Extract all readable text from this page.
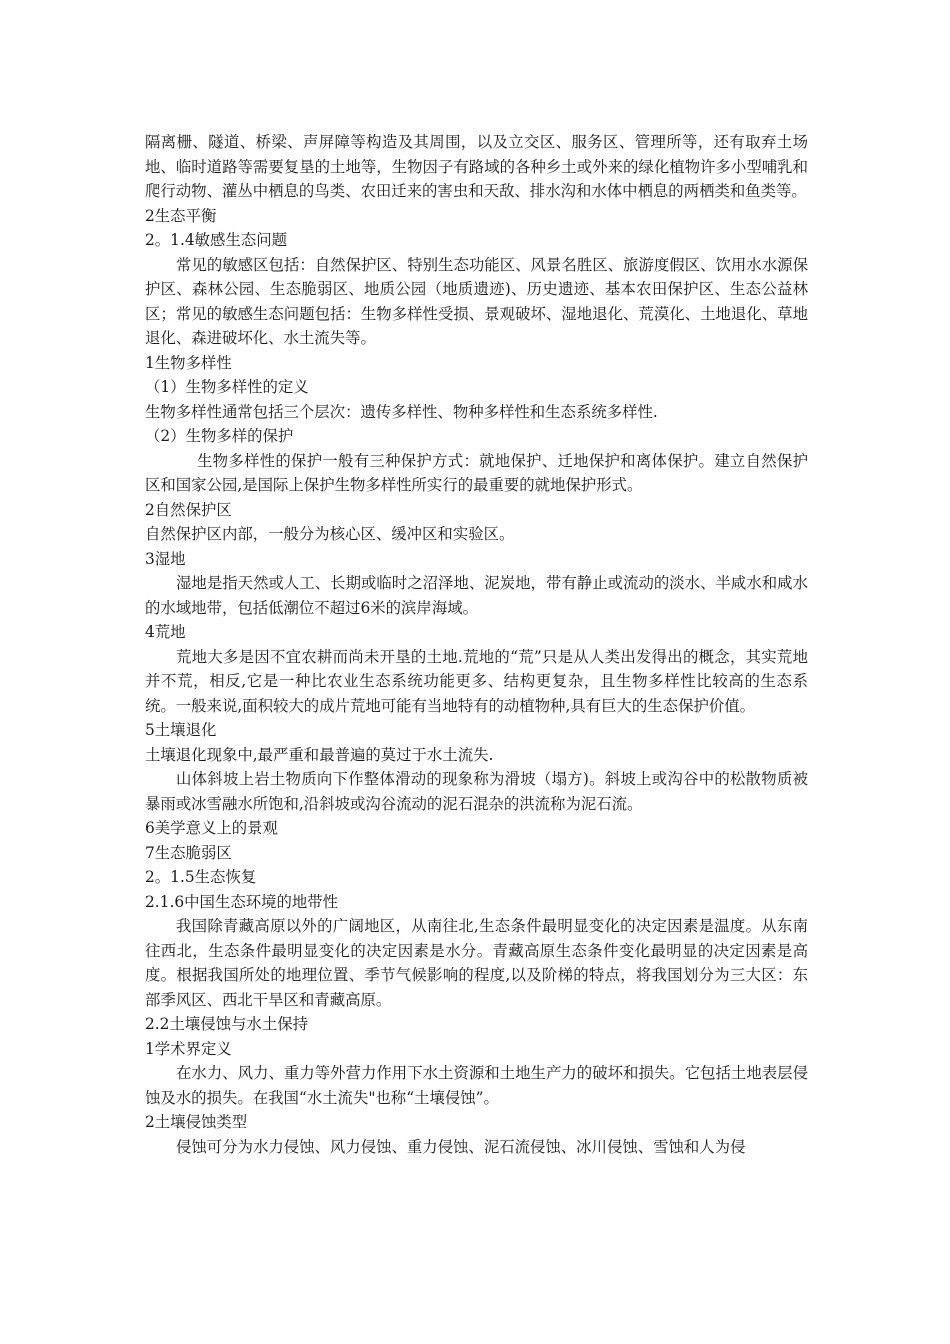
隔离栅、隧道、桥梁、声屏障等构造及其周围，以及立交区、服务区、管理所等，还有取弃土场地、临时道路等需要复垦的土地等，生物因子有路域的各种乡土或外来的绿化植物许多小型哺乳和爬行动物、灌丛中栖息的鸟类、农田迁来的害虫和天敌、排水沟和水体中栖息的两栖类和鱼类等。

2生态平衡

2。1.4敏感生态问题

常见的敏感区包括：自然保护区、特别生态功能区、风景名胜区、旅游度假区、饮用水水源保护区、森林公园、生态脆弱区、地质公园（地质遗迹)、历史遗迹、基本农田保护区、生态公益林区；常见的敏感生态问题包括：生物多样性受损、景观破坏、湿地退化、荒漠化、土地退化、草地退化、森进破坏化、水土流失等。

1生物多样性

（1）生物多样性的定义

生物多样性通常包括三个层次：遗传多样性、物种多样性和生态系统多样性.

（2）生物多样的保护

生物多样性的保护一般有三种保护方式：就地保护、迁地保护和离体保护。建立自然保护区和国家公园,是国际上保护生物多样性所实行的最重要的就地保护形式。

2自然保护区

自然保护区内部，一般分为核心区、缓冲区和实验区。

3湿地

湿地是指天然或人工、长期或临时之沼泽地、泥炭地，带有静止或流动的淡水、半咸水和咸水的水域地带，包括低潮位不超过6米的滨岸海域。

4荒地

荒地大多是因不宜农耕而尚未开垦的土地.荒地的“荒”只是从人类出发得出的概念，其实荒地并不荒，相反,它是一种比农业生态系统功能更多、结构更复杂，且生物多样性比较高的生态系统。一般来说,面积较大的成片荒地可能有当地特有的动植物种,具有巨大的生态保护价值。

5土壤退化

土壤退化现象中,最严重和最普遍的莫过于水土流失.

山体斜坡上岩土物质向下作整体滑动的现象称为滑坡（塌方)。斜坡上或沟谷中的松散物质被暴雨或冰雪融水所饱和,沿斜坡或沟谷流动的泥石混杂的洪流称为泥石流。

6美学意义上的景观

7生态脆弱区

2。1.5生态恢复

2.1.6中国生态环境的地带性

我国除青藏高原以外的广阔地区，从南往北,生态条件最明显变化的决定因素是温度。从东南往西北，生态条件最明显变化的决定因素是水分。青藏高原生态条件变化最明显的决定因素是高度。根据我国所处的地理位置、季节气候影响的程度,以及阶梯的特点，将我国划分为三大区：东部季风区、西北干旱区和青藏高原。

2.2土壤侵蚀与水土保持

1学术界定义

在水力、风力、重力等外营力作用下水土资源和土地生产力的破坏和损失。它包括土地表层侵蚀及水的损失。在我国“水土流失"也称“土壤侵蚀”。

2土壤侵蚀类型

侵蚀可分为水力侵蚀、风力侵蚀、重力侵蚀、泥石流侵蚀、冰川侵蚀、雪蚀和人为侵
